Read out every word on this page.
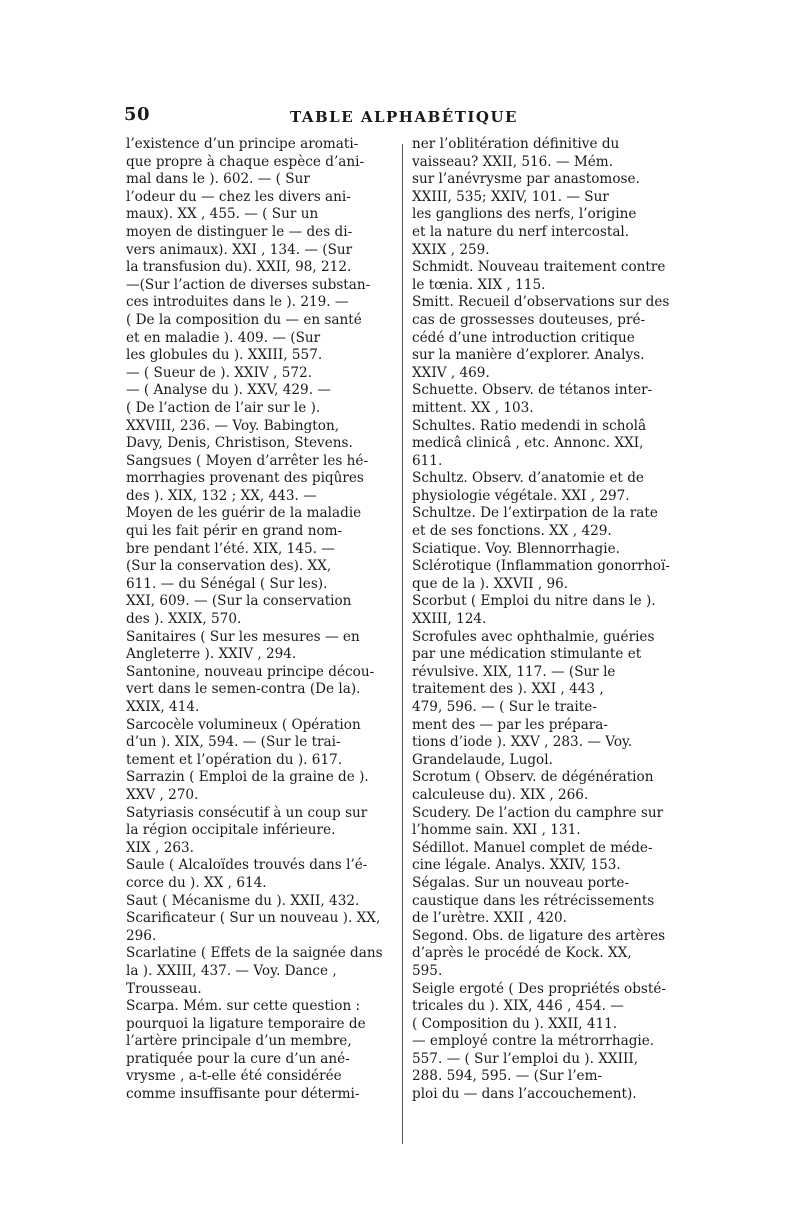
50	TABLE ALPHABÉTIQUE
l’existence d’un principe aromati-
que propre à chaque espèce d’ani-
mal dans le ). 602. — ( Sur
l’odeur du — chez les divers ani-
maux). XX , 455. — ( Sur un
moyen de distinguer le — des di-
vers animaux). XXI , 134. — (Sur
la transfusion du). XXII, 98, 212.
—(Sur l’action de diverses substan-
ces introduites dans le ). 219. —
( De la composition du — en santé
et en maladie ). 409. — (Sur
les globules du ). XXIII, 557.
— ( Sueur de ). XXIV , 572.
— ( Analyse du ). XXV, 429. —
( De l’action de l’air sur le ).
XXVIII, 236. — Voy. Babington,
Davy, Denis, Christison, Stevens.
Sangsues ( Moyen d’arrêter les hé-
morrhagies provenant des piqûres
des ). XIX, 132 ; XX, 443. —
Moyen de les guérir de la maladie
qui les fait périr en grand nom-
bre pendant l’été. XIX, 145. —
(Sur la conservation des). XX,
611. — du Sénégal ( Sur les).
XXI, 609. — (Sur la conservation
des ). XXIX, 570.
Sanitaires ( Sur les mesures — en
Angleterre ). XXIV , 294.
Santonine, nouveau principe décou-
vert dans le semen-contra (De la).
XXIX, 414.
Sarcocèle volumineux ( Opération
d’un ). XIX, 594. — (Sur le trai-
tement et l’opération du ). 617.
Sarrazin ( Emploi de la graine de ).
XXV , 270.
Satyriasis consécutif à un coup sur
la région occipitale inférieure.
XIX , 263.
Saule ( Alcaloïdes trouvés dans l’é-
corce du ). XX , 614.
Saut ( Mécanisme du ). XXII, 432.
Scarificateur ( Sur un nouveau ). XX,
296.
Scarlatine ( Effets de la saignée dans
la ). XXIII, 437. — Voy. Dance ,
Trousseau.
Scarpa. Mém. sur cette question :
pourquoi la ligature temporaire de
l’artère principale d’un membre,
pratiquée pour la cure d’un ané-
vrysme , a-t-elle été considérée
comme insuffisante pour détermi-
ner l’oblitération définitive du
vaisseau? XXII, 516. — Mém.
sur l’anévrysme par anastomose.
XXIII, 535; XXIV, 101. — Sur
les ganglions des nerfs, l’origine
et la nature du nerf intercostal.
XXIX , 259.
Schmidt. Nouveau traitement contre
le tœnia. XIX , 115.
Smitt. Recueil d’observations sur des
cas de grossesses douteuses, pré-
cédé d’une introduction critique
sur la manière d’explorer. Analys.
XXIV , 469.
Schuette. Observ. de tétanos inter-
mittent. XX , 103.
Schultes. Ratio medendi in scholâ
medicâ clinicâ , etc. Annonc. XXI,
611.
Schultz. Observ. d’anatomie et de
physiologie végétale. XXI , 297.
Schultze. De l’extirpation de la rate
et de ses fonctions. XX , 429.
Sciatique. Voy. Blennorrhagie.
Sclérotique (Inflammation gonorrhoï-
que de la ). XXVII , 96.
Scorbut ( Emploi du nitre dans le ).
XXIII, 124.
Scrofules avec ophthalmie, guéries
par une médication stimulante et
révulsive. XIX, 117. — (Sur le
traitement des ). XXI , 443 ,
479, 596. — ( Sur le traite-
ment des — par les prépara-
tions d’iode ). XXV , 283. — Voy.
Grandelaude, Lugol.
Scrotum ( Observ. de dégénération
calculeuse du). XIX , 266.
Scudery. De l’action du camphre sur
l’homme sain. XXI , 131.
Sédillot. Manuel complet de méde-
cine légale. Analys. XXIV, 153.
Ségalas. Sur un nouveau porte-
caustique dans les rétrécissements
de l’urètre. XXII , 420.
Segond. Obs. de ligature des artères
d’après le procédé de Kock. XX,
595.
Seigle ergoté ( Des propriétés obsté-
tricales du ). XIX, 446 , 454. —
( Composition du ). XXII, 411.
— employé contre la métrorrhagie.
557. — ( Sur l’emploi du ). XXIII,
288. 594, 595. — (Sur l’em-
ploi du — dans l’accouchement).
